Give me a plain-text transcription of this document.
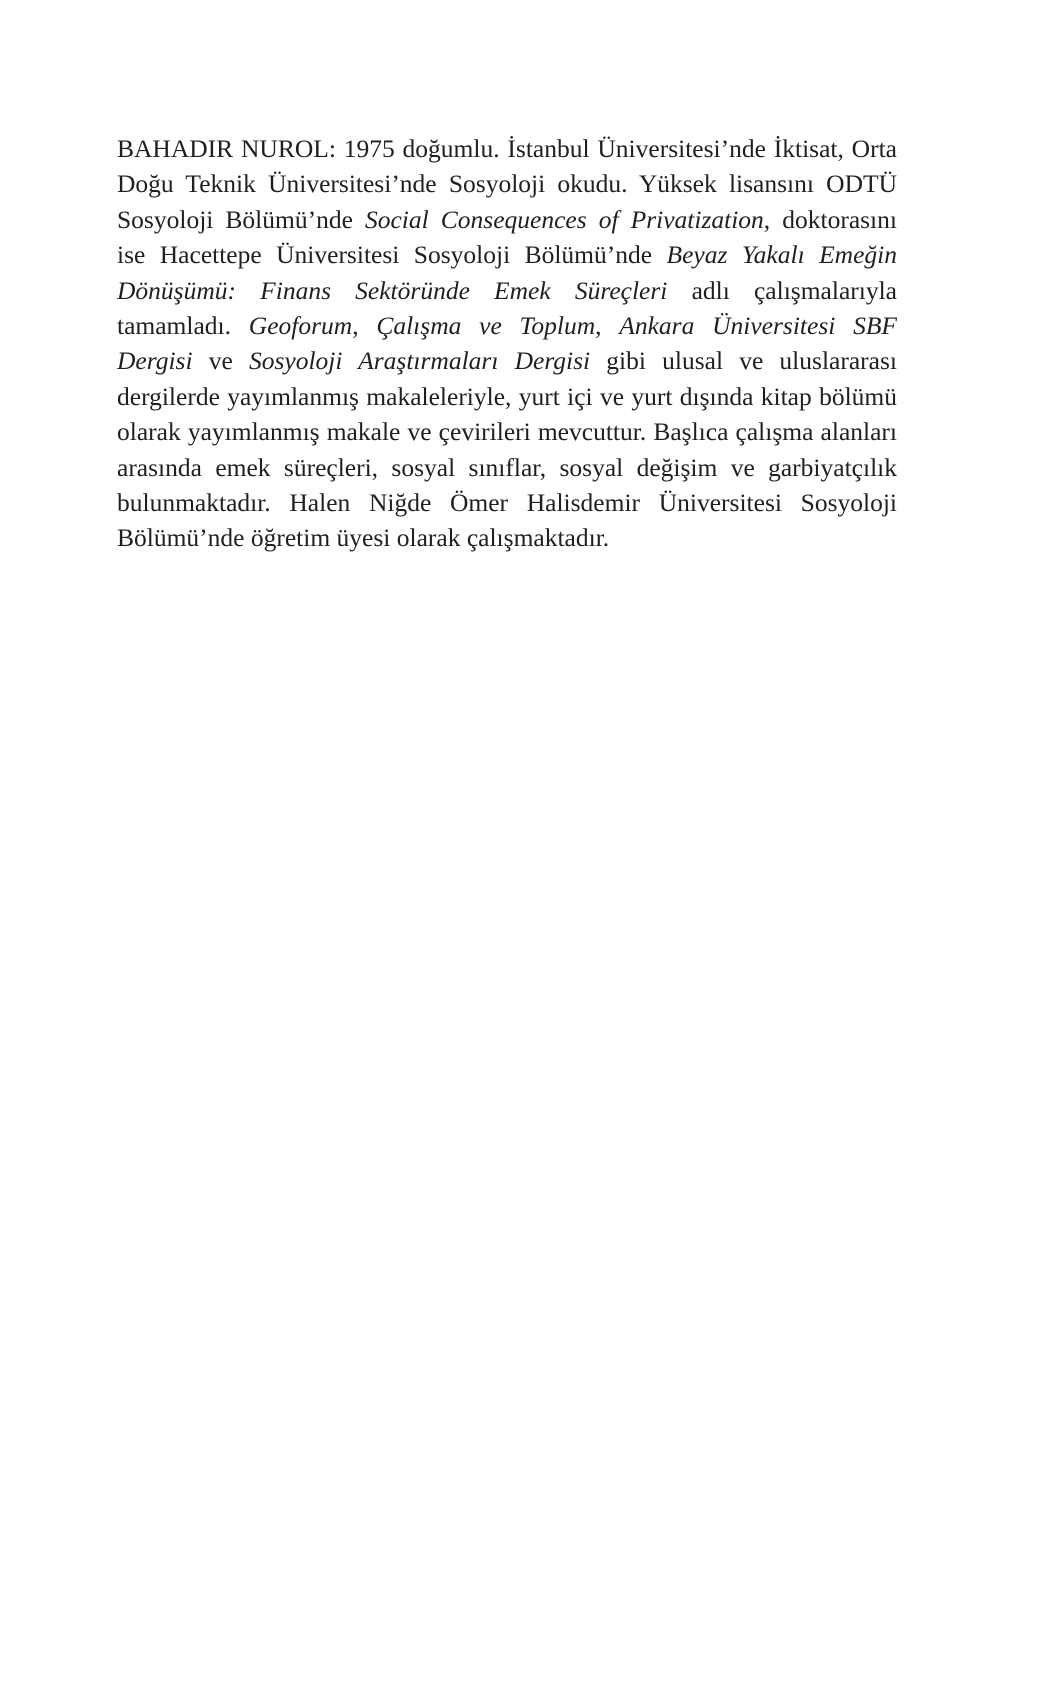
BAHADIR NUROL: 1975 doğumlu. İstanbul Üniversitesi’nde İktisat, Orta Doğu Teknik Üniversitesi’nde Sosyoloji okudu. Yüksek lisansını ODTÜ Sosyoloji Bölümü’nde Social Consequences of Privatization, doktorasını ise Hacettepe Üniversitesi Sosyoloji Bölümü’nde Beyaz Yakalı Emeğin Dönüşümü: Finans Sektöründe Emek Süreçleri adlı çalışmalarıyla tamamladı. Geoforum, Çalışma ve Toplum, Ankara Üniversitesi SBF Dergisi ve Sosyoloji Araştırmaları Dergisi gibi ulusal ve uluslararası dergilerde yayımlanmış makaleleriyle, yurt içi ve yurt dışında kitap bölümü olarak yayımlanmış makale ve çevirileri mevcuttur. Başlıca çalışma alanları arasında emek süreçleri, sosyal sınıflar, sosyal değişim ve garbiyatçılık bulunmaktadır. Halen Niğde Ömer Halisdemir Üniversitesi Sosyoloji Bölümü’nde öğretim üyesi olarak çalışmaktadır.
